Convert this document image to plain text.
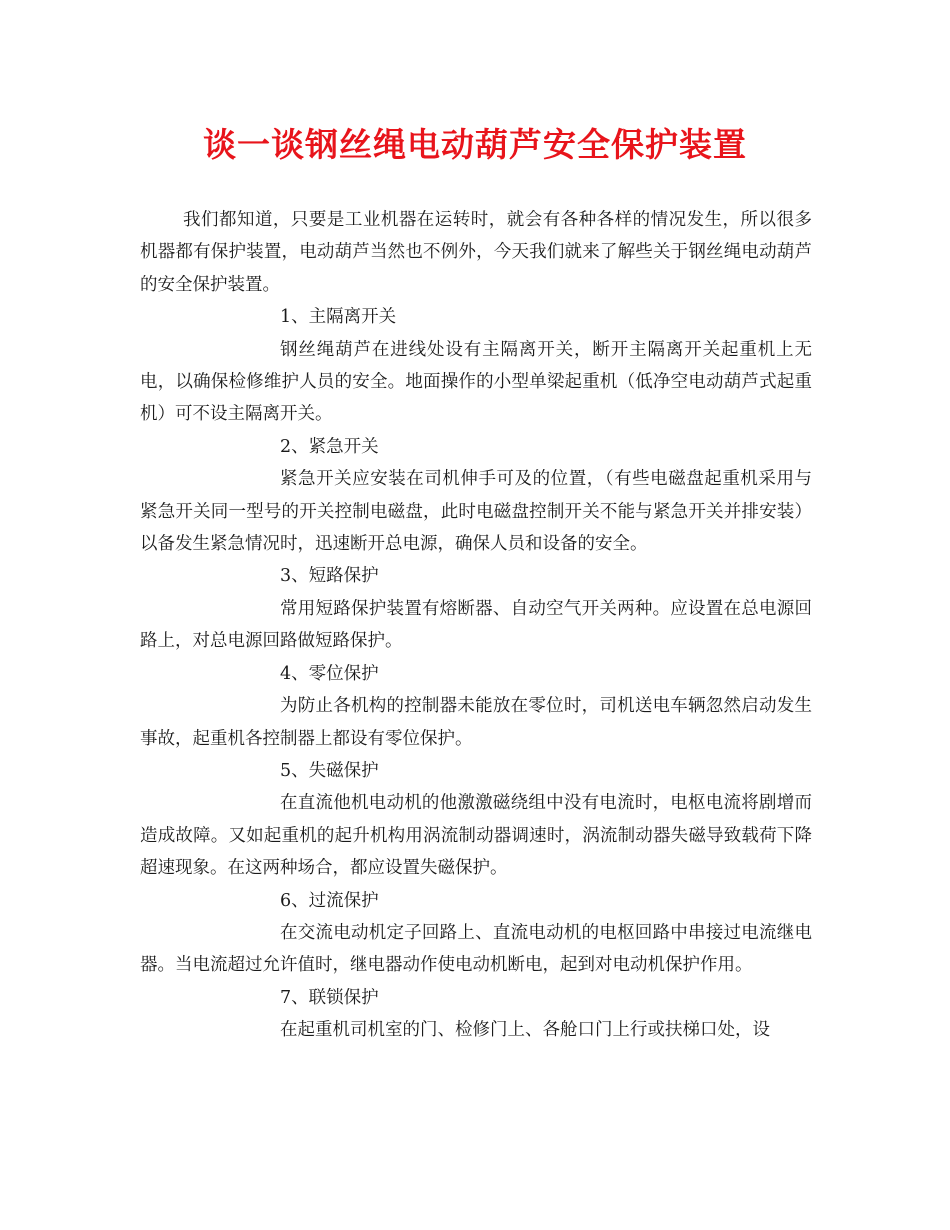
谈一谈钢丝绳电动葫芦安全保护装置

我们都知道，只要是工业机器在运转时，就会有各种各样的情况发生，所以很多机器都有保护装置，电动葫芦当然也不例外，今天我们就来了解些关于钢丝绳电动葫芦的安全保护装置。

1、主隔离开关

钢丝绳葫芦在进线处设有主隔离开关，断开主隔离开关起重机上无电，以确保检修维护人员的安全。地面操作的小型单梁起重机（低净空电动葫芦式起重机）可不设主隔离开关。

2、紧急开关

紧急开关应安装在司机伸手可及的位置，（有些电磁盘起重机采用与紧急开关同一型号的开关控制电磁盘，此时电磁盘控制开关不能与紧急开关并排安装）以备发生紧急情况时，迅速断开总电源，确保人员和设备的安全。

3、短路保护

常用短路保护装置有熔断器、自动空气开关两种。应设置在总电源回路上，对总电源回路做短路保护。

4、零位保护

为防止各机构的控制器未能放在零位时，司机送电车辆忽然启动发生事故，起重机各控制器上都设有零位保护。

5、失磁保护

在直流他机电动机的他激激磁绕组中没有电流时，电枢电流将剧增而造成故障。又如起重机的起升机构用涡流制动器调速时，涡流制动器失磁导致载荷下降超速现象。在这两种场合，都应设置失磁保护。

6、过流保护

在交流电动机定子回路上、直流电动机的电枢回路中串接过电流继电器。当电流超过允许值时，继电器动作使电动机断电，起到对电动机保护作用。

7、联锁保护

在起重机司机室的门、检修门上、各舱口门上行或扶梯口处，设
